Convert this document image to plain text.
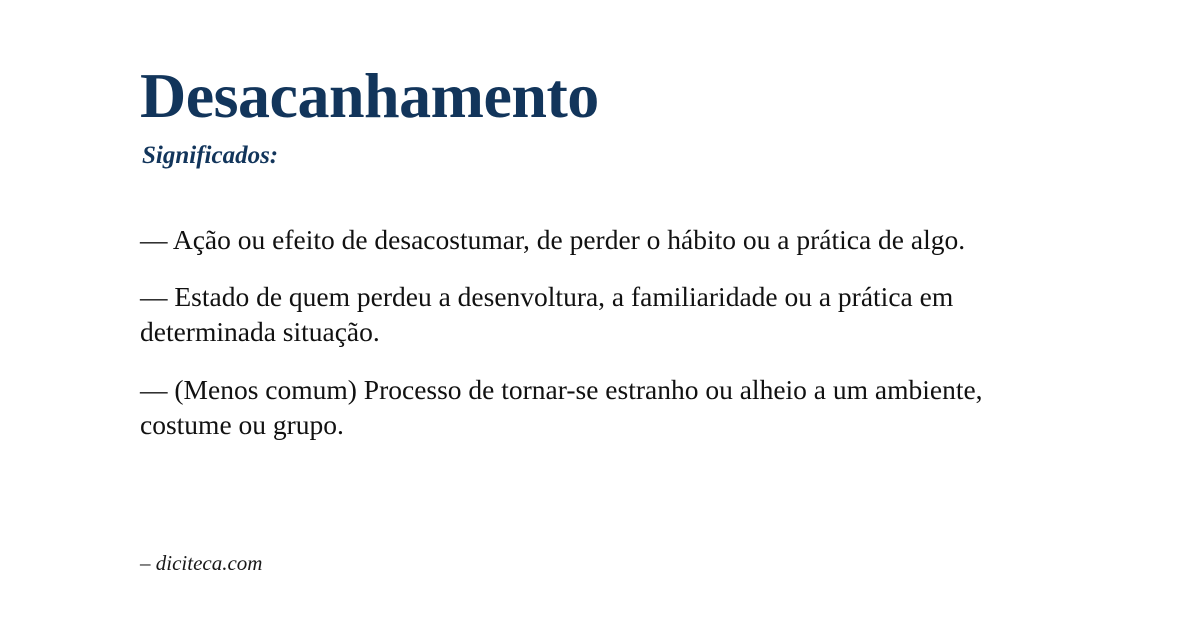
Desacanhamento
Significados:

— Ação ou efeito de desacostumar, de perder o hábito ou a prática de algo.

— Estado de quem perdeu a desenvoltura, a familiaridade ou a prática em determinada situação.

— (Menos comum) Processo de tornar-se estranho ou alheio a um ambiente, costume ou grupo.

– diciteca.com
